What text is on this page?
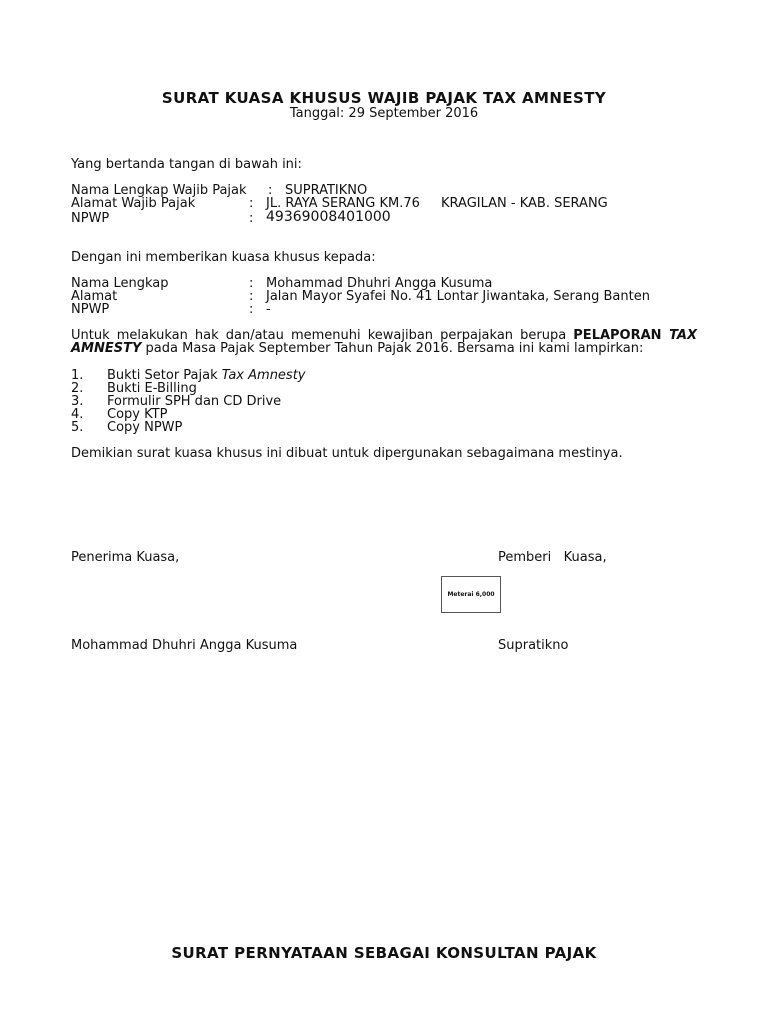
SURAT KUASA KHUSUS WAJIB PAJAK TAX AMNESTY
Tanggal: 29 September 2016
Yang bertanda tangan di bawah ini:
Nama Lengkap Wajib Pajak : SUPRATIKNO
Alamat Wajib Pajak	: JL. RAYA SERANG KM.76 KRAGILAN - KAB. SERANG
NPWP	: 49369008401000
Dengan ini memberikan kuasa khusus kepada:
Nama Lengkap	: Mohammad Dhuhri Angga Kusuma
Alamat	: Jalan Mayor Syafei No. 41 Lontar Jiwantaka, Serang Banten
NPWP	: -
Untuk melakukan hak dan/atau memenuhi kewajiban perpajakan berupa PELAPORAN TAX AMNESTY pada Masa Pajak September Tahun Pajak 2016. Bersama ini kami lampirkan:
1. Bukti Setor Pajak Tax Amnesty
2. Bukti E-Billing
3. Formulir SPH dan CD Drive
4. Copy KTP
5. Copy NPWP
Demikian surat kuasa khusus ini dibuat untuk dipergunakan sebagaimana mestinya.
Penerima Kuasa,	Pemberi   Kuasa,
Meterai 6,000
Mohammad Dhuhri Angga Kusuma	Supratikno
SURAT PERNYATAAN SEBAGAI KONSULTAN PAJAK
